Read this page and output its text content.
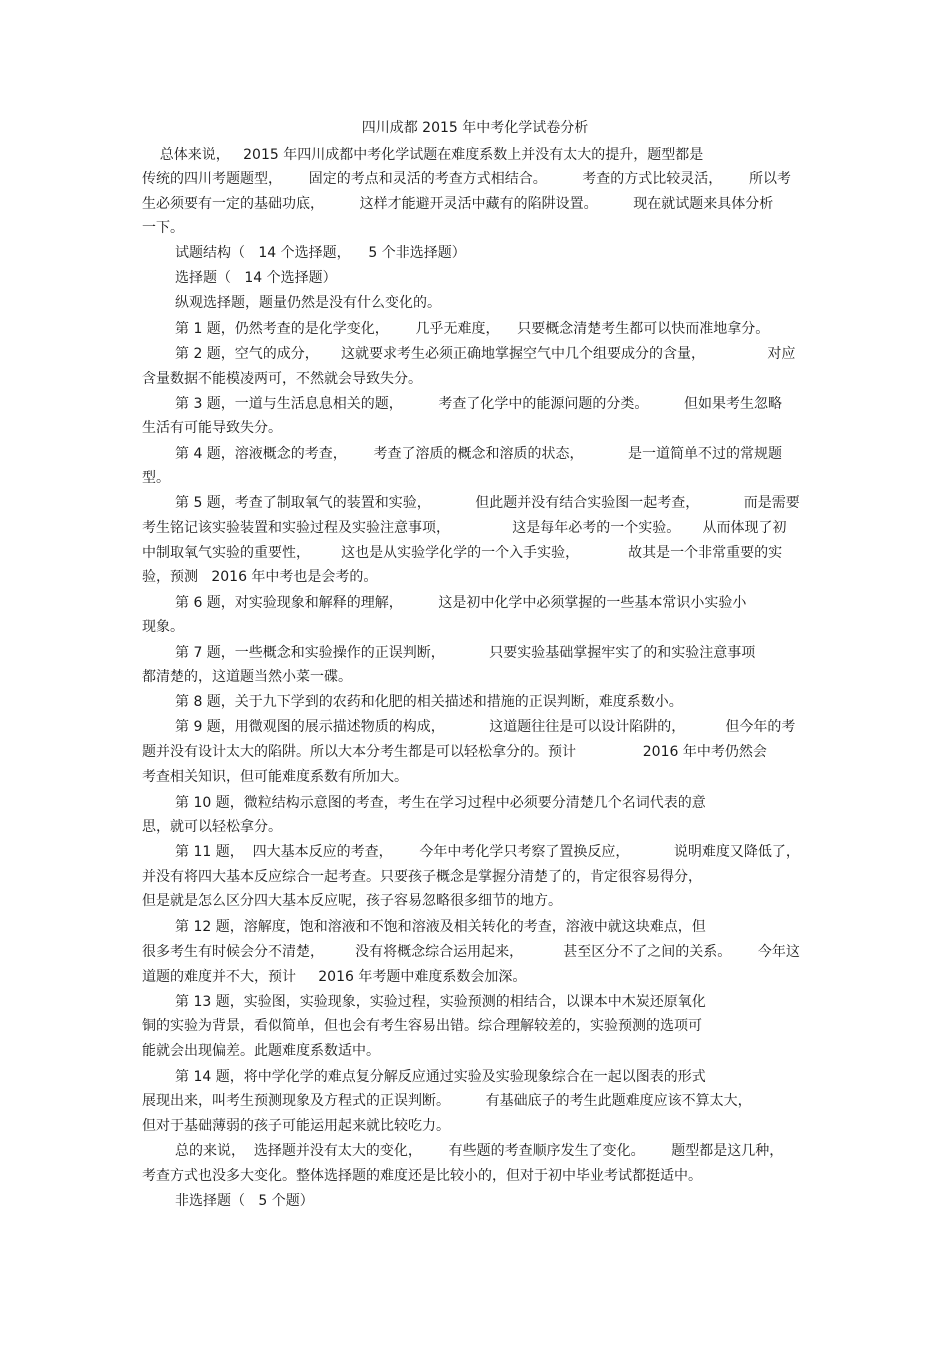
四川成都 2015 年中考化学试卷分析
总体来说，   2015 年四川成都中考化学试题在难度系数上并没有太大的提升，题型都是
传统的四川考题题型，      固定的考点和灵活的考查方式相结合。        考查的方式比较灵活，      所以考
生必须要有一定的基础功底，        这样才能避开灵活中藏有的陷阱设置。        现在就试题来具体分析
一下。
试题结构（   14 个选择题，    5 个非选择题）
选择题（   14 个选择题）
纵观选择题，题量仍然是没有什么变化的。
第 1 题，仍然考查的是化学变化，      几乎无难度，    只要概念清楚考生都可以快而准地拿分。
第 2 题，空气的成分，     这就要求考生必须正确地掌握空气中几个组要成分的含量，              对应
含量数据不能模凌两可，不然就会导致失分。
第 3 题，一道与生活息息相关的题，        考查了化学中的能源问题的分类。        但如果考生忽略
生活有可能导致失分。
第 4 题，溶液概念的考查，      考查了溶质的概念和溶质的状态，          是一道简单不过的常规题
型。
第 5 题，考查了制取氧气的装置和实验，          但此题并没有结合实验图一起考查，          而是需要
考生铭记该实验装置和实验过程及实验注意事项，              这是每年必考的一个实验。     从而体现了初
中制取氧气实验的重要性，       这也是从实验学化学的一个入手实验，           故其是一个非常重要的实
验，预测   2016 年中考也是会考的。
第 6 题，对实验现象和解释的理解，        这是初中化学中必须掌握的一些基本常识小实验小
现象。
第 7 题，一些概念和实验操作的正误判断，          只要实验基础掌握牢实了的和实验注意事项
都清楚的，这道题当然小菜一碟。
第 8 题，关于九下学到的农药和化肥的相关描述和措施的正误判断，难度系数小。
第 9 题，用微观图的展示描述物质的构成，          这道题往往是可以设计陷阱的，         但今年的考
题并没有设计太大的陷阱。所以大本分考生都是可以轻松拿分的。预计               2016 年中考仍然会
考查相关知识，但可能难度系数有所加大。
第 10 题，微粒结构示意图的考查，考生在学习过程中必须要分清楚几个名词代表的意
思，就可以轻松拿分。
第 11 题，  四大基本反应的考查，      今年中考化学只考察了置换反应，          说明难度又降低了，
并没有将四大基本反应综合一起考查。只要孩子概念是掌握分清楚了的，肯定很容易得分，
但是就是怎么区分四大基本反应呢，孩子容易忽略很多细节的地方。
第 12 题，溶解度，饱和溶液和不饱和溶液及相关转化的考查，溶液中就这块难点，但
很多考生有时候会分不清楚，       没有将概念综合运用起来，         甚至区分不了之间的关系。      今年这
道题的难度并不大，预计     2016 年考题中难度系数会加深。
第 13 题，实验图，实验现象，实验过程，实验预测的相结合，以课本中木炭还原氧化
铜的实验为背景，看似简单，但也会有考生容易出错。综合理解较差的，实验预测的选项可
能就会出现偏差。此题难度系数适中。
第 14 题，将中学化学的难点复分解反应通过实验及实验现象综合在一起以图表的形式
展现出来，叫考生预测现象及方程式的正误判断。        有基础底子的考生此题难度应该不算太大，
但对于基础薄弱的孩子可能运用起来就比较吃力。
总的来说，  选择题并没有太大的变化，      有些题的考查顺序发生了变化。      题型都是这几种，
考查方式也没多大变化。整体选择题的难度还是比较小的，但对于初中毕业考试都挺适中。
非选择题（   5 个题）
